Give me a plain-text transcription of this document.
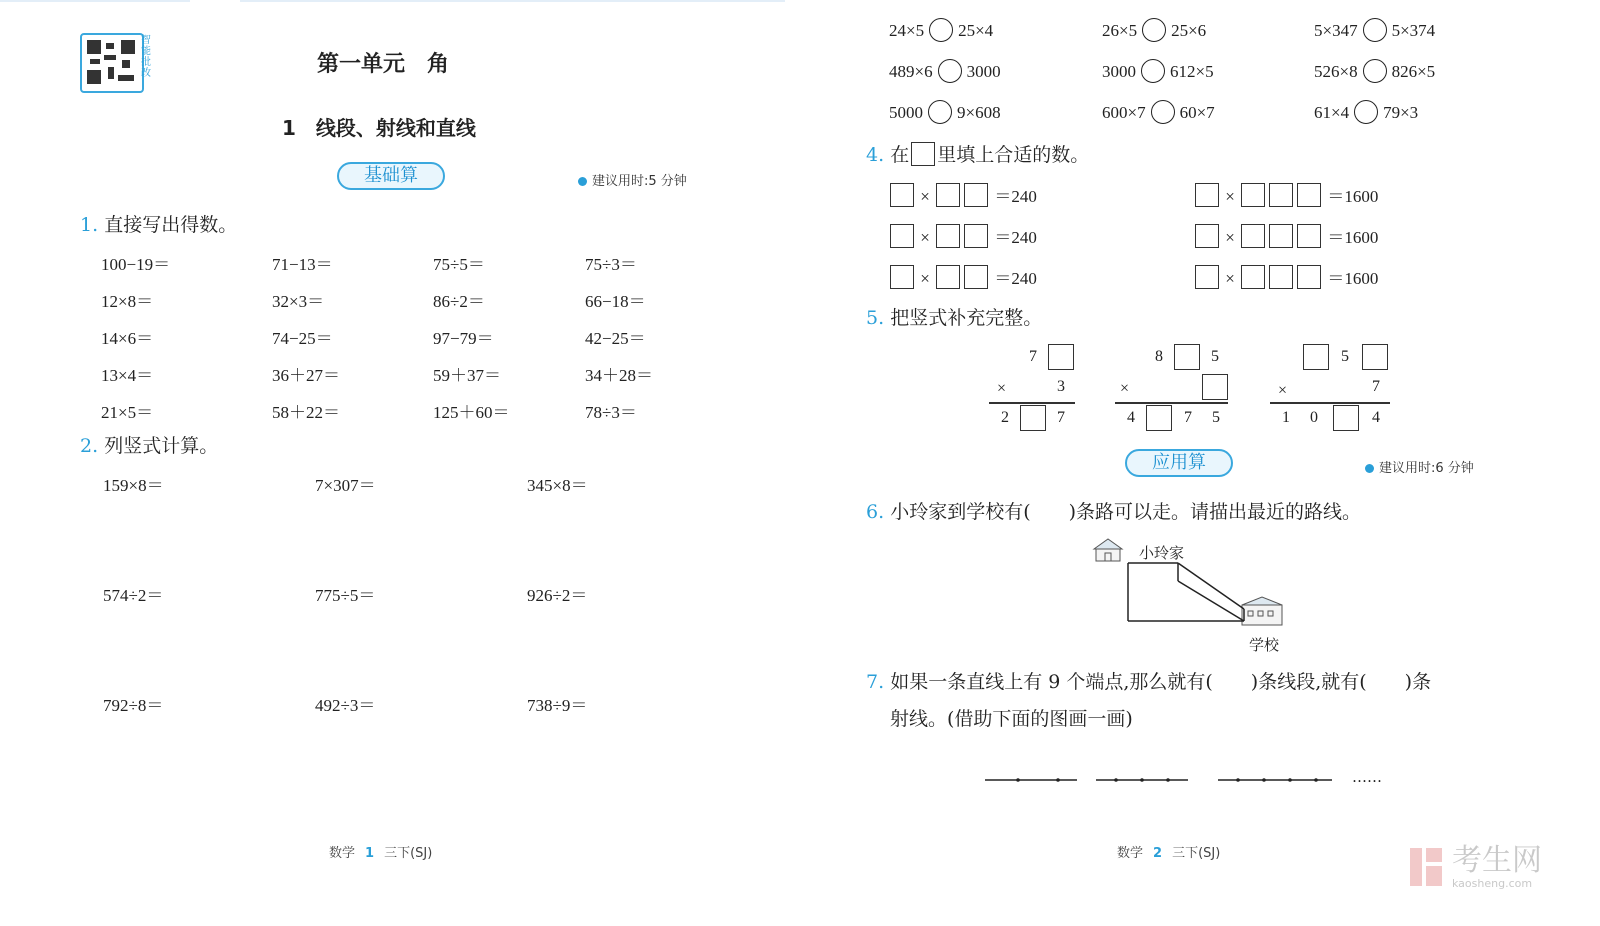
智能批改	第一单元　角
1　线段、射线和直线
基础算	建议用时:5 分钟
1. 直接写出得数。
100−19＝	71−13＝	75÷5＝	75÷3＝
12×8＝	32×3＝	86÷2＝	66−18＝
14×6＝	74−25＝	97−79＝	42−25＝
13×4＝	36＋27＝	59＋37＝	34＋28＝
21×5＝	58＋22＝	125＋60＝	78÷3＝
2. 列竖式计算。
159×8＝	7×307＝	345×8＝
574÷2＝	775÷5＝	926÷2＝
792÷8＝	492÷3＝	738÷9＝
数学 1 三下(SJ)
24×5 25×4	26×5 25×6	5×347 5×374
489×6 3000	3000 612×5	526×8 826×5
5000 9×608	600×7 60×7	61×4 79×3
4. 在 里填上合适的数。
×	＝240	×	＝1600
×	＝240	×	＝1600
×	＝240	×	＝1600
5. 把竖式补充完整。
7
×	3
2	7
8	5
×
4	7 5
5
×	7
1 0	4
应用算	建议用时:6 分钟
6. 小玲家到学校有(　　)条路可以走。请描出最近的路线。
小玲家
学校
7. 如果一条直线上有 9 个端点,那么就有(　　)条线段,就有(　　)条
射线。(借助下面的图画一画)
……
数学 2 三下(SJ)	考生网
kaosheng.com
